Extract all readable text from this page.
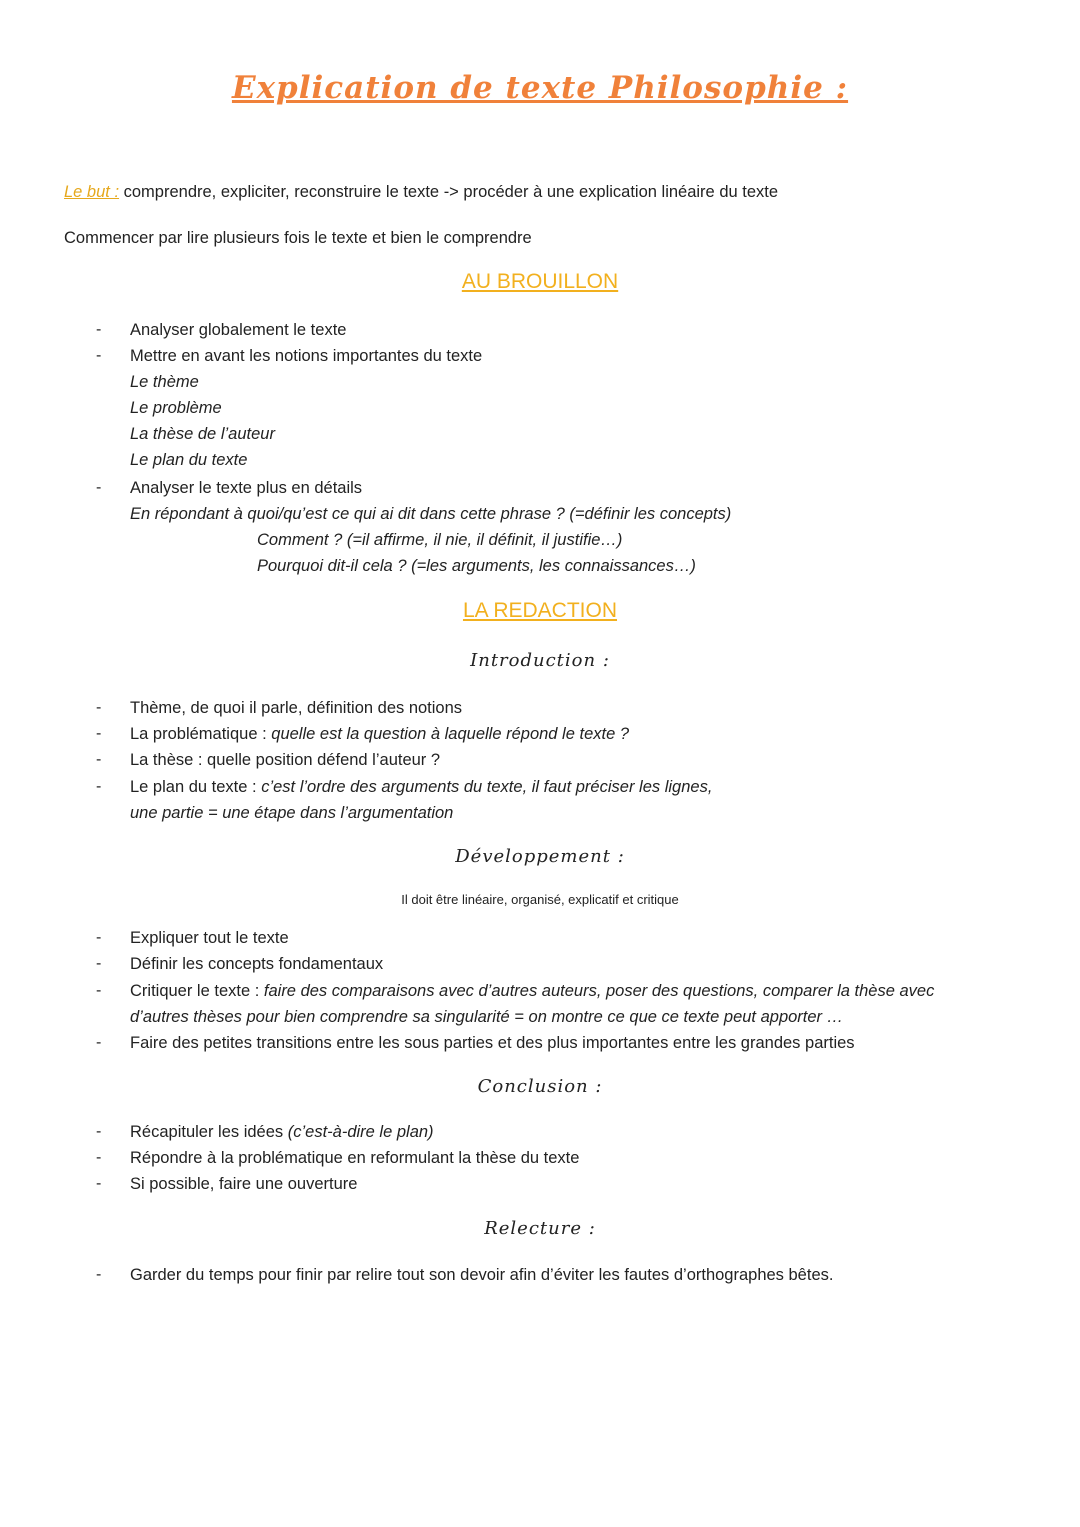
Explication de texte Philosophie :
Le but : comprendre, expliciter, reconstruire le texte -> procéder à une explication linéaire du texte
Commencer par lire plusieurs fois le texte et bien le comprendre
AU BROUILLON
- Analyser globalement le texte
- Mettre en avant les notions importantes du texte
Le thème
Le problème
La thèse de l’auteur
Le plan du texte
- Analyser le texte plus en détails
En répondant à quoi/qu’est ce qui ai dit dans cette phrase ? (=définir les concepts)
Comment ? (=il affirme, il nie, il définit, il justifie…)
Pourquoi dit-il cela ? (=les arguments, les connaissances…)
LA REDACTION
Introduction :
- Thème, de quoi il parle, définition des notions
- La problématique : quelle est la question à laquelle répond le texte ?
- La thèse : quelle position défend l’auteur ?
- Le plan du texte : c’est l’ordre des arguments du texte, il faut préciser les lignes,
une partie = une étape dans l’argumentation
Développement :
Il doit être linéaire, organisé, explicatif et critique
- Expliquer tout le texte
- Définir les concepts fondamentaux
- Critiquer le texte : faire des comparaisons avec d’autres auteurs, poser des questions, comparer la thèse avec
d’autres thèses pour bien comprendre sa singularité = on montre ce que ce texte peut apporter …
- Faire des petites transitions entre les sous parties et des plus importantes entre les grandes parties
Conclusion :
- Récapituler les idées (c’est-à-dire le plan)
- Répondre à la problématique en reformulant la thèse du texte
- Si possible, faire une ouverture
Relecture :
- Garder du temps pour finir par relire tout son devoir afin d’éviter les fautes d’orthographes bêtes.
